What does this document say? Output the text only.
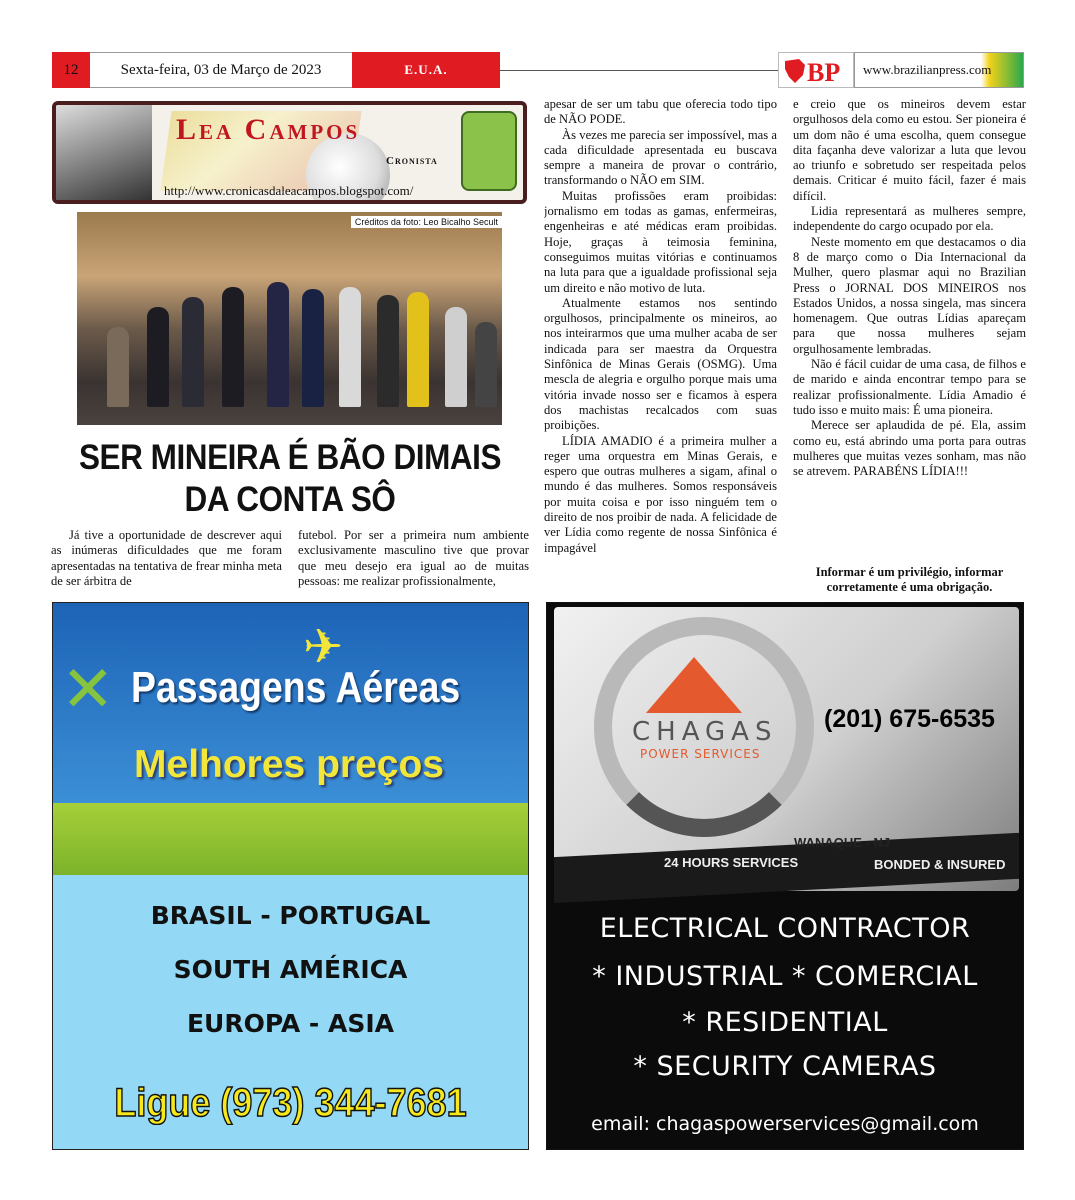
12	Sexta-feira, 03 de Março de 2023	E.U.A.	BP	www.brazilianpress.com
Lea Campos
Cronista
http://www.cronicasdaleacampos.blogspot.com/
Créditos da foto: Leo Bicalho Secult
SER MINEIRA É BÃO DIMAIS DA CONTA SÔ

Já tive a oportunidade de descrever aqui as inúmeras dificuldades que me foram apresentadas na tentativa de frear minha meta de ser árbitra de

futebol. Por ser a primeira num ambiente exclusivamente masculino tive que provar que meu desejo era igual ao de muitas pessoas: me realizar profissionalmente,

apesar de ser um tabu que oferecia todo tipo de NÃO PODE.

Às vezes me parecia ser impossível, mas a cada dificuldade apresentada eu buscava sempre a maneira de provar o contrário, transformando o NÃO em SIM.

Muitas profissões eram proibidas: jornalismo em todas as gamas, enfermeiras, engenheiras e até médicas eram proibidas. Hoje, graças à teimosia feminina, conseguimos muitas vitórias e continuamos na luta para que a igualdade profissional seja um direito e não motivo de luta.

Atualmente estamos nos sentindo orgulhosos, principalmente os mineiros, ao nos inteirarmos que uma mulher acaba de ser indicada para ser maestra da Orquestra Sinfônica de Minas Gerais (OSMG). Uma mescla de alegria e orgulho porque mais uma vitória invade nosso ser e ficamos à espera dos machistas recalcados com suas proibições.

LÍDIA AMADIO é a primeira mulher a reger uma orquestra em Minas Gerais, e espero que outras mulheres a sigam, afinal o mundo é das mulheres. Somos responsáveis por muita coisa e por isso ninguém tem o direito de nos proibir de nada. A felicidade de ver Lídia como regente de nossa Sinfônica é impagável

e creio que os mineiros devem estar orgulhosos dela como eu estou. Ser pioneira é um dom não é uma escolha, quem consegue dita façanha deve valorizar a luta que levou ao triunfo e sobretudo ser respeitada pelos demais. Criticar é muito fácil, fazer é mais difícil.

Lidia representará as mulheres sempre, independente do cargo ocupado por ela.

Neste momento em que destacamos o dia 8 de março como o Dia Internacional da Mulher, quero plasmar aqui no Brazilian Press o JORNAL DOS MINEIROS nos Estados Unidos, a nossa singela, mas sincera homenagem. Que outras Lídias apareçam para que nossa mulheres sejam orgulhosamente lembradas.

Não é fácil cuidar de uma casa, de filhos e de marido e ainda encontrar tempo para se realizar profissionalmente. Lídia Amadio é tudo isso e muito mais: É uma pioneira.

Merece ser aplaudida de pé. Ela, assim como eu, está abrindo uma porta para outras mulheres que muitas vezes sonham, mas não se atrevem. PARABÉNS LÍDIA!!!

Informar é um privilégio, informar corretamente é uma obrigação.
✕
✈
Passagens Aéreas
Melhores preços
BRASIL - PORTUGAL
SOUTH AMÉRICA
EUROPA - ASIA
Ligue (973) 344-7681
CHAGAS
POWER SERVICES
(201) 675-6535
WANAQUE - NJ
24 HOURS SERVICES	BONDED & INSURED
ELECTRICAL CONTRACTOR
* INDUSTRIAL * COMERCIAL
* RESIDENTIAL
* SECURITY CAMERAS
email: chagaspowerservices@gmail.com
